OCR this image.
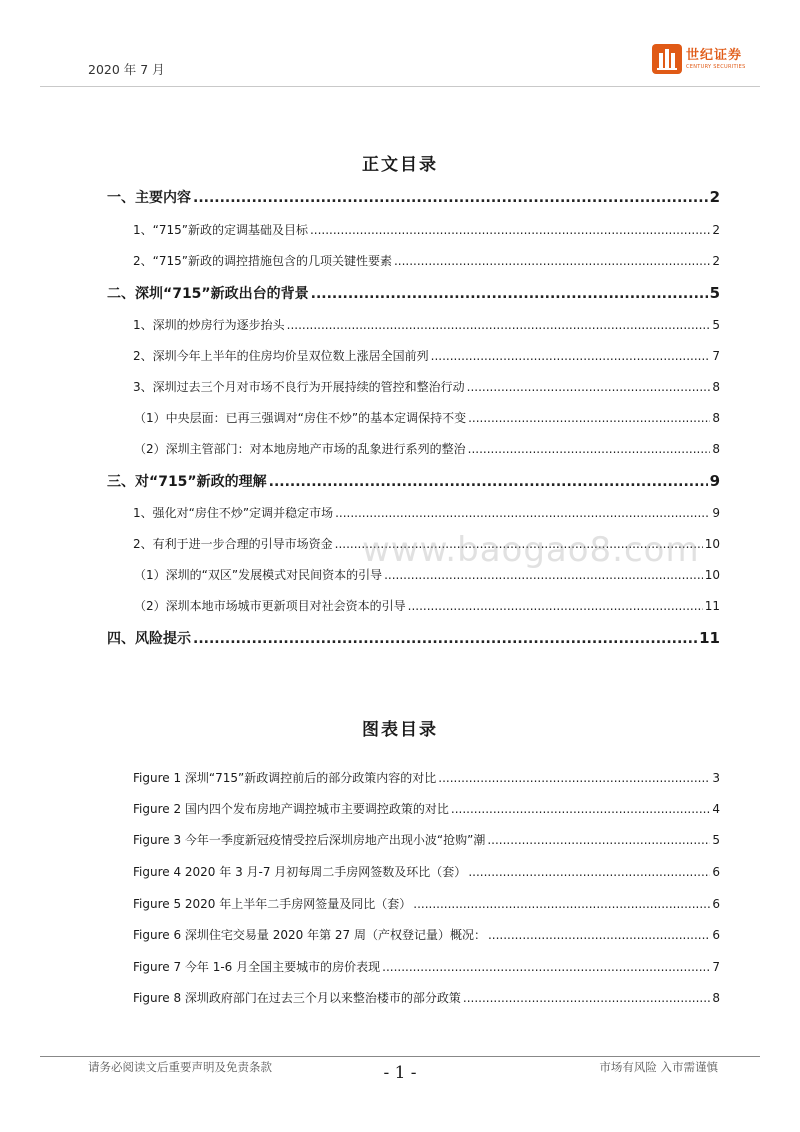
2020 年 7 月
世纪证券
CENTURY SECURITIES
正文目录
一、主要内容 .....	2
1、“715”新政的定调基础及目标 .....	2
2、“715”新政的调控措施包含的几项关键性要素 .....	2
二、深圳“715”新政出台的背景 .....	5
1、深圳的炒房行为逐步抬头 .....	5
2、深圳今年上半年的住房均价呈双位数上涨居全国前列 .....	7
3、深圳过去三个月对市场不良行为开展持续的管控和整治行动 .....	8
（1）中央层面：已再三强调对“房住不炒”的基本定调保持不变 .....	8
（2）深圳主管部门：对本地房地产市场的乱象进行系列的整治 .....	8
三、对“715”新政的理解 .....	9
1、强化对“房住不炒”定调并稳定市场 .....	9
2、有利于进一步合理的引导市场资金 .....	10
（1）深圳的“双区”发展模式对民间资本的引导 .....	10
（2）深圳本地市场城市更新项目对社会资本的引导 .....	11
四、风险提示 .....	11
图表目录
Figure 1 深圳“715”新政调控前后的部分政策内容的对比 .....	3
Figure 2 国内四个发布房地产调控城市主要调控政策的对比 .....	4
Figure 3 今年一季度新冠疫情受控后深圳房地产出现小波“抢购”潮 .....	5
Figure 4 2020 年 3 月-7 月初每周二手房网签数及环比（套） .....	6
Figure 5 2020 年上半年二手房网签量及同比（套） .....	6
Figure 6 深圳住宅交易量 2020 年第 27 周（产权登记量）概况： .....	6
Figure 7 今年 1-6 月全国主要城市的房价表现 .....	7
Figure 8 深圳政府部门在过去三个月以来整治楼市的部分政策 .....	8
www.baogao8.com
请务必阅读文后重要声明及免责条款	- 1 -	市场有风险 入市需谨慎
